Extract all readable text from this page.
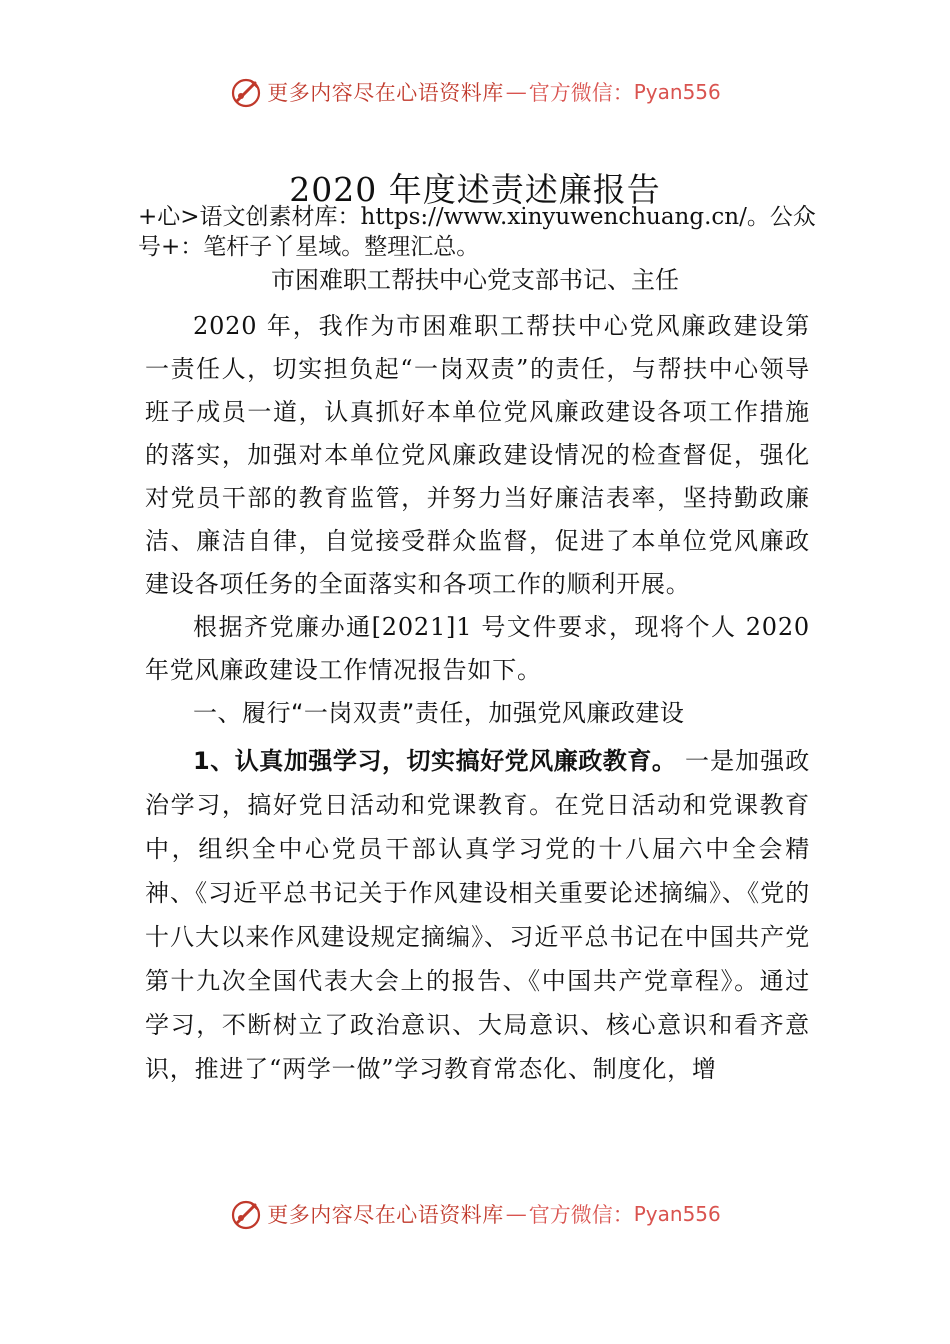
更多内容尽在心语资料库 — 官方微信： Pyan556
2020 年度述责述廉报告
+心>语文创素材库：https://www.xinyuwenchuang.cn/。公众号+：笔杆子丫星域。整理汇总。
市困难职工帮扶中心党支部书记、主任

2020 年，我作为市困难职工帮扶中心党风廉政建设第一责任人，切实担负起“一岗双责”的责任，与帮扶中心领导班子成员一道，认真抓好本单位党风廉政建设各项工作措施的落实，加强对本单位党风廉政建设情况的检查督促，强化对党员干部的教育监管，并努力当好廉洁表率，坚持勤政廉洁、廉洁自律，自觉接受群众监督，促进了本单位党风廉政建设各项任务的全面落实和各项工作的顺利开展。

根据齐党廉办通[2021]1 号文件要求，现将个人 2020 年党风廉政建设工作情况报告如下。

一、履行“一岗双责”责任，加强党风廉政建设

1、认真加强学习，切实搞好党风廉政教育。 一是加强政治学习，搞好党日活动和党课教育。在党日活动和党课教育中，组织全中心党员干部认真学习党的十八届六中全会精神、《习近平总书记关于作风建设相关重要论述摘编》、《党的十八大以来作风建设规定摘编》、习近平总书记在中国共产党第十九次全国代表大会上的报告、《中国共产党章程》。通过学习，不断树立了政治意识、大局意识、核心意识和看齐意识，推进了“两学一做”学习教育常态化、制度化，增

更多内容尽在心语资料库 — 官方微信： Pyan556
